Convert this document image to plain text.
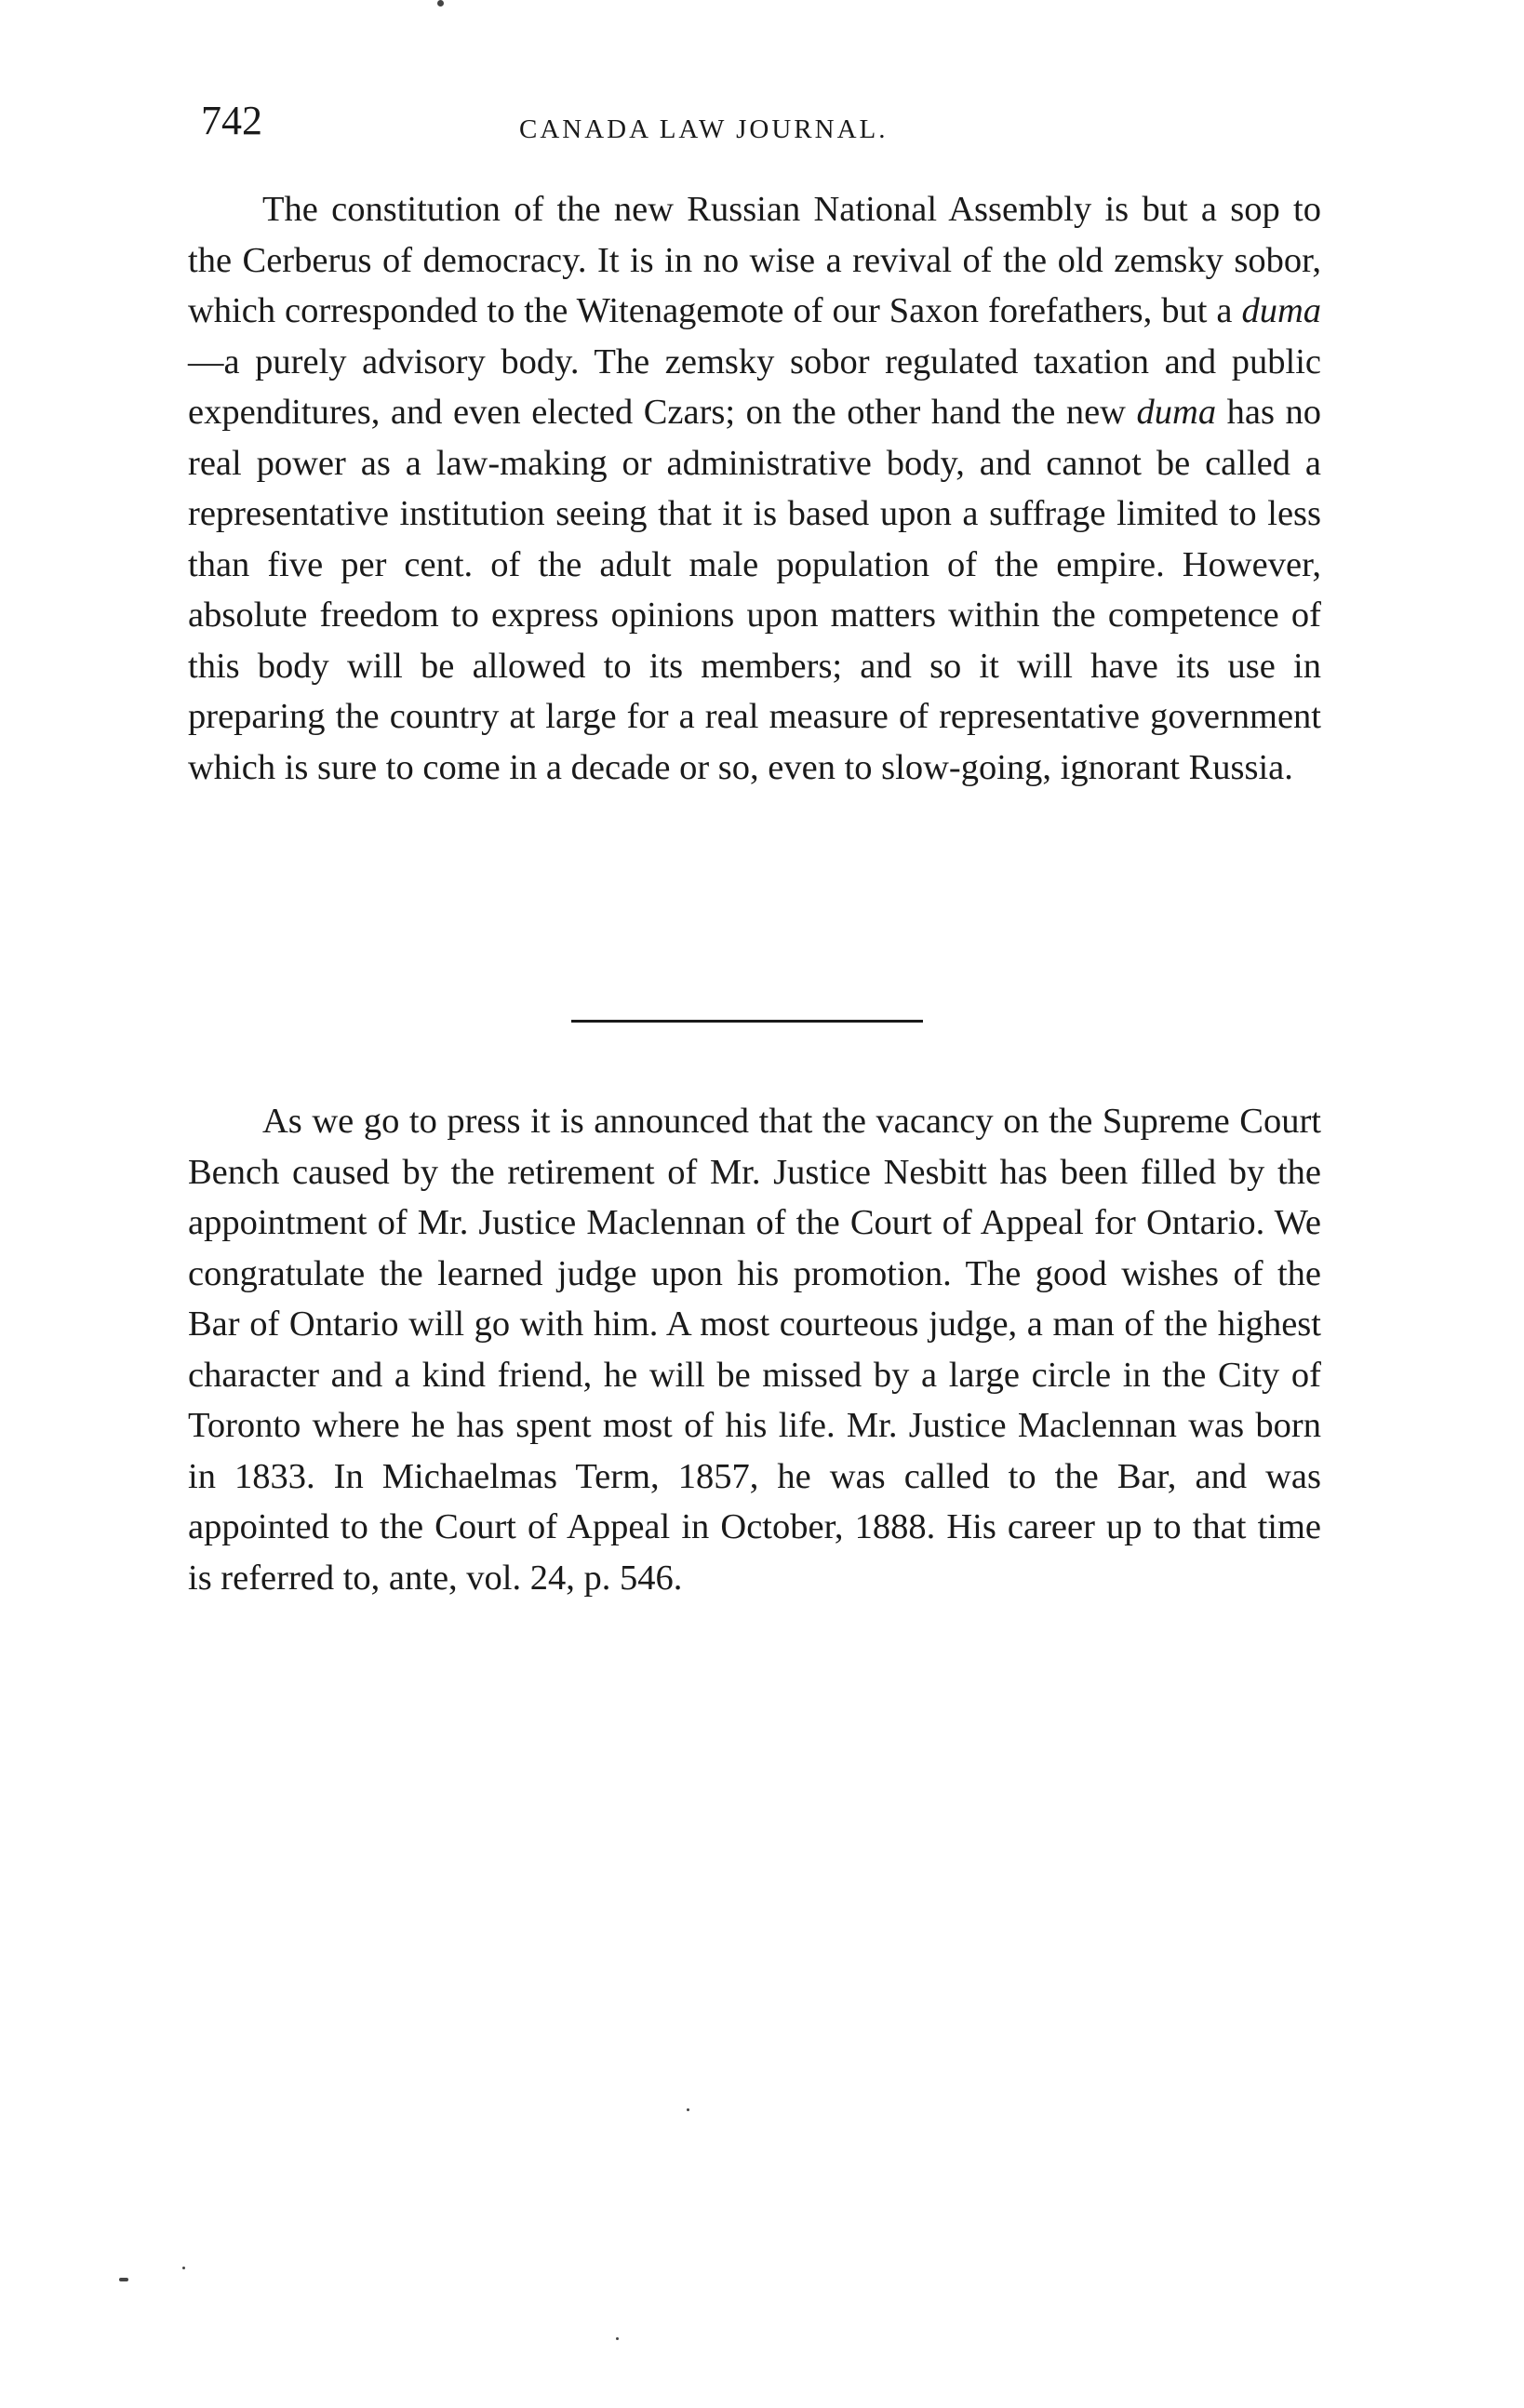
742	CANADA LAW JOURNAL.

The constitution of the new Russian National Assembly is but a sop to the Cerberus of democracy. It is in no wise a revival of the old zemsky sobor, which corresponded to the Witenagemote of our Saxon forefathers, but a duma—a purely advisory body. The zemsky sobor regulated taxation and public expenditures, and even elected Czars; on the other hand the new duma has no real power as a law-making or administrative body, and cannot be called a representative institution seeing that it is based upon a suffrage limited to less than five per cent. of the adult male population of the empire. However, absolute freedom to express opinions upon matters within the competence of this body will be allowed to its members; and so it will have its use in preparing the country at large for a real measure of representative government which is sure to come in a decade or so, even to slow-going, ignorant Russia.

As we go to press it is announced that the vacancy on the Supreme Court Bench caused by the retirement of Mr. Justice Nesbitt has been filled by the appointment of Mr. Justice Maclennan of the Court of Appeal for Ontario. We congratulate the learned judge upon his promotion. The good wishes of the Bar of Ontario will go with him. A most courteous judge, a man of the highest character and a kind friend, he will be missed by a large circle in the City of Toronto where he has spent most of his life. Mr. Justice Maclennan was born in 1833. In Michaelmas Term, 1857, he was called to the Bar, and was appointed to the Court of Appeal in October, 1888. His career up to that time is referred to, ante, vol. 24, p. 546.
